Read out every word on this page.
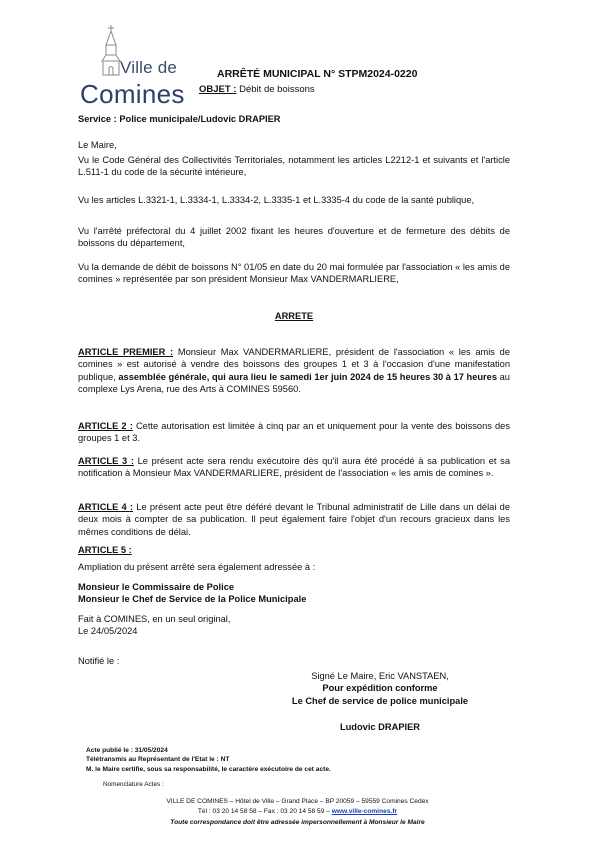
Ville de
Comines
ARRÊTÉ MUNICIPAL N° STPM2024-0220
OBJET : Débit de boissons
Service : Police municipale/Ludovic DRAPIER
Le Maire,
Vu le Code Général des Collectivités Territoriales, notamment les articles L2212-1 et suivants et l'article L.511-1 du code de la sécurité intérieure,
Vu les articles L.3321-1, L.3334-1, L.3334-2, L.3335-1 et L.3335-4 du code de la santé publique,
Vu l'arrêté préfectoral du 4 juillet 2002 fixant les heures d'ouverture et de fermeture des débits de boissons du département,
Vu la demande de débit de boissons N° 01/05 en date du 20 mai formulée par l'association « les amis de comines » représentée par son président Monsieur Max VANDERMARLIERE,
ARRETE
ARTICLE PREMIER : Monsieur Max VANDERMARLIERE, président de l'association « les amis de comines » est autorisé à vendre des boissons des groupes 1 et 3 à l'occasion d'une manifestation publique, assemblée générale, qui aura lieu le samedi 1er juin 2024 de 15 heures 30 à 17 heures au complexe Lys Arena, rue des Arts à COMINES 59560.
ARTICLE 2 : Cette autorisation est limitée à cinq par an et uniquement pour la vente des boissons des groupes 1 et 3.
ARTICLE 3 : Le présent acte sera rendu exécutoire dès qu'il aura été procédé à sa publication et sa notification à Monsieur Max VANDERMARLIERE, président de l'association « les amis de comines ».
ARTICLE 4 : Le présent acte peut être déféré devant le Tribunal administratif de Lille dans un délai de deux mois à compter de sa publication. Il peut également faire l'objet d'un recours gracieux dans les mêmes conditions de délai.
ARTICLE 5 :
Ampliation du présent arrêté sera également adressée à :
Monsieur le Commissaire de Police
Monsieur le Chef de Service de la Police Municipale
Fait à COMINES, en un seul original,
Le 24/05/2024
Notifié le :
Signé Le Maire, Eric VANSTAEN,
Pour expédition conforme
Le Chef de service de police municipale
Ludovic DRAPIER
Acte publié le : 31/05/2024
Télétransmis au Représentant de l'Etat le : NT
M. le Maire certifie, sous sa responsabilité, le caractère exécutoire de cet acte.
Nomenclature Actes :
VILLE DE COMINES – Hôtel de Ville – Grand Place – BP 20059 – 59559 Comines Cedex
Tél : 03 20 14 58 58 – Fax : 03 20 14 58 59 – www.ville-comines.fr
Toute correspondance doit être adressée impersonnellement à Monsieur le Maire
